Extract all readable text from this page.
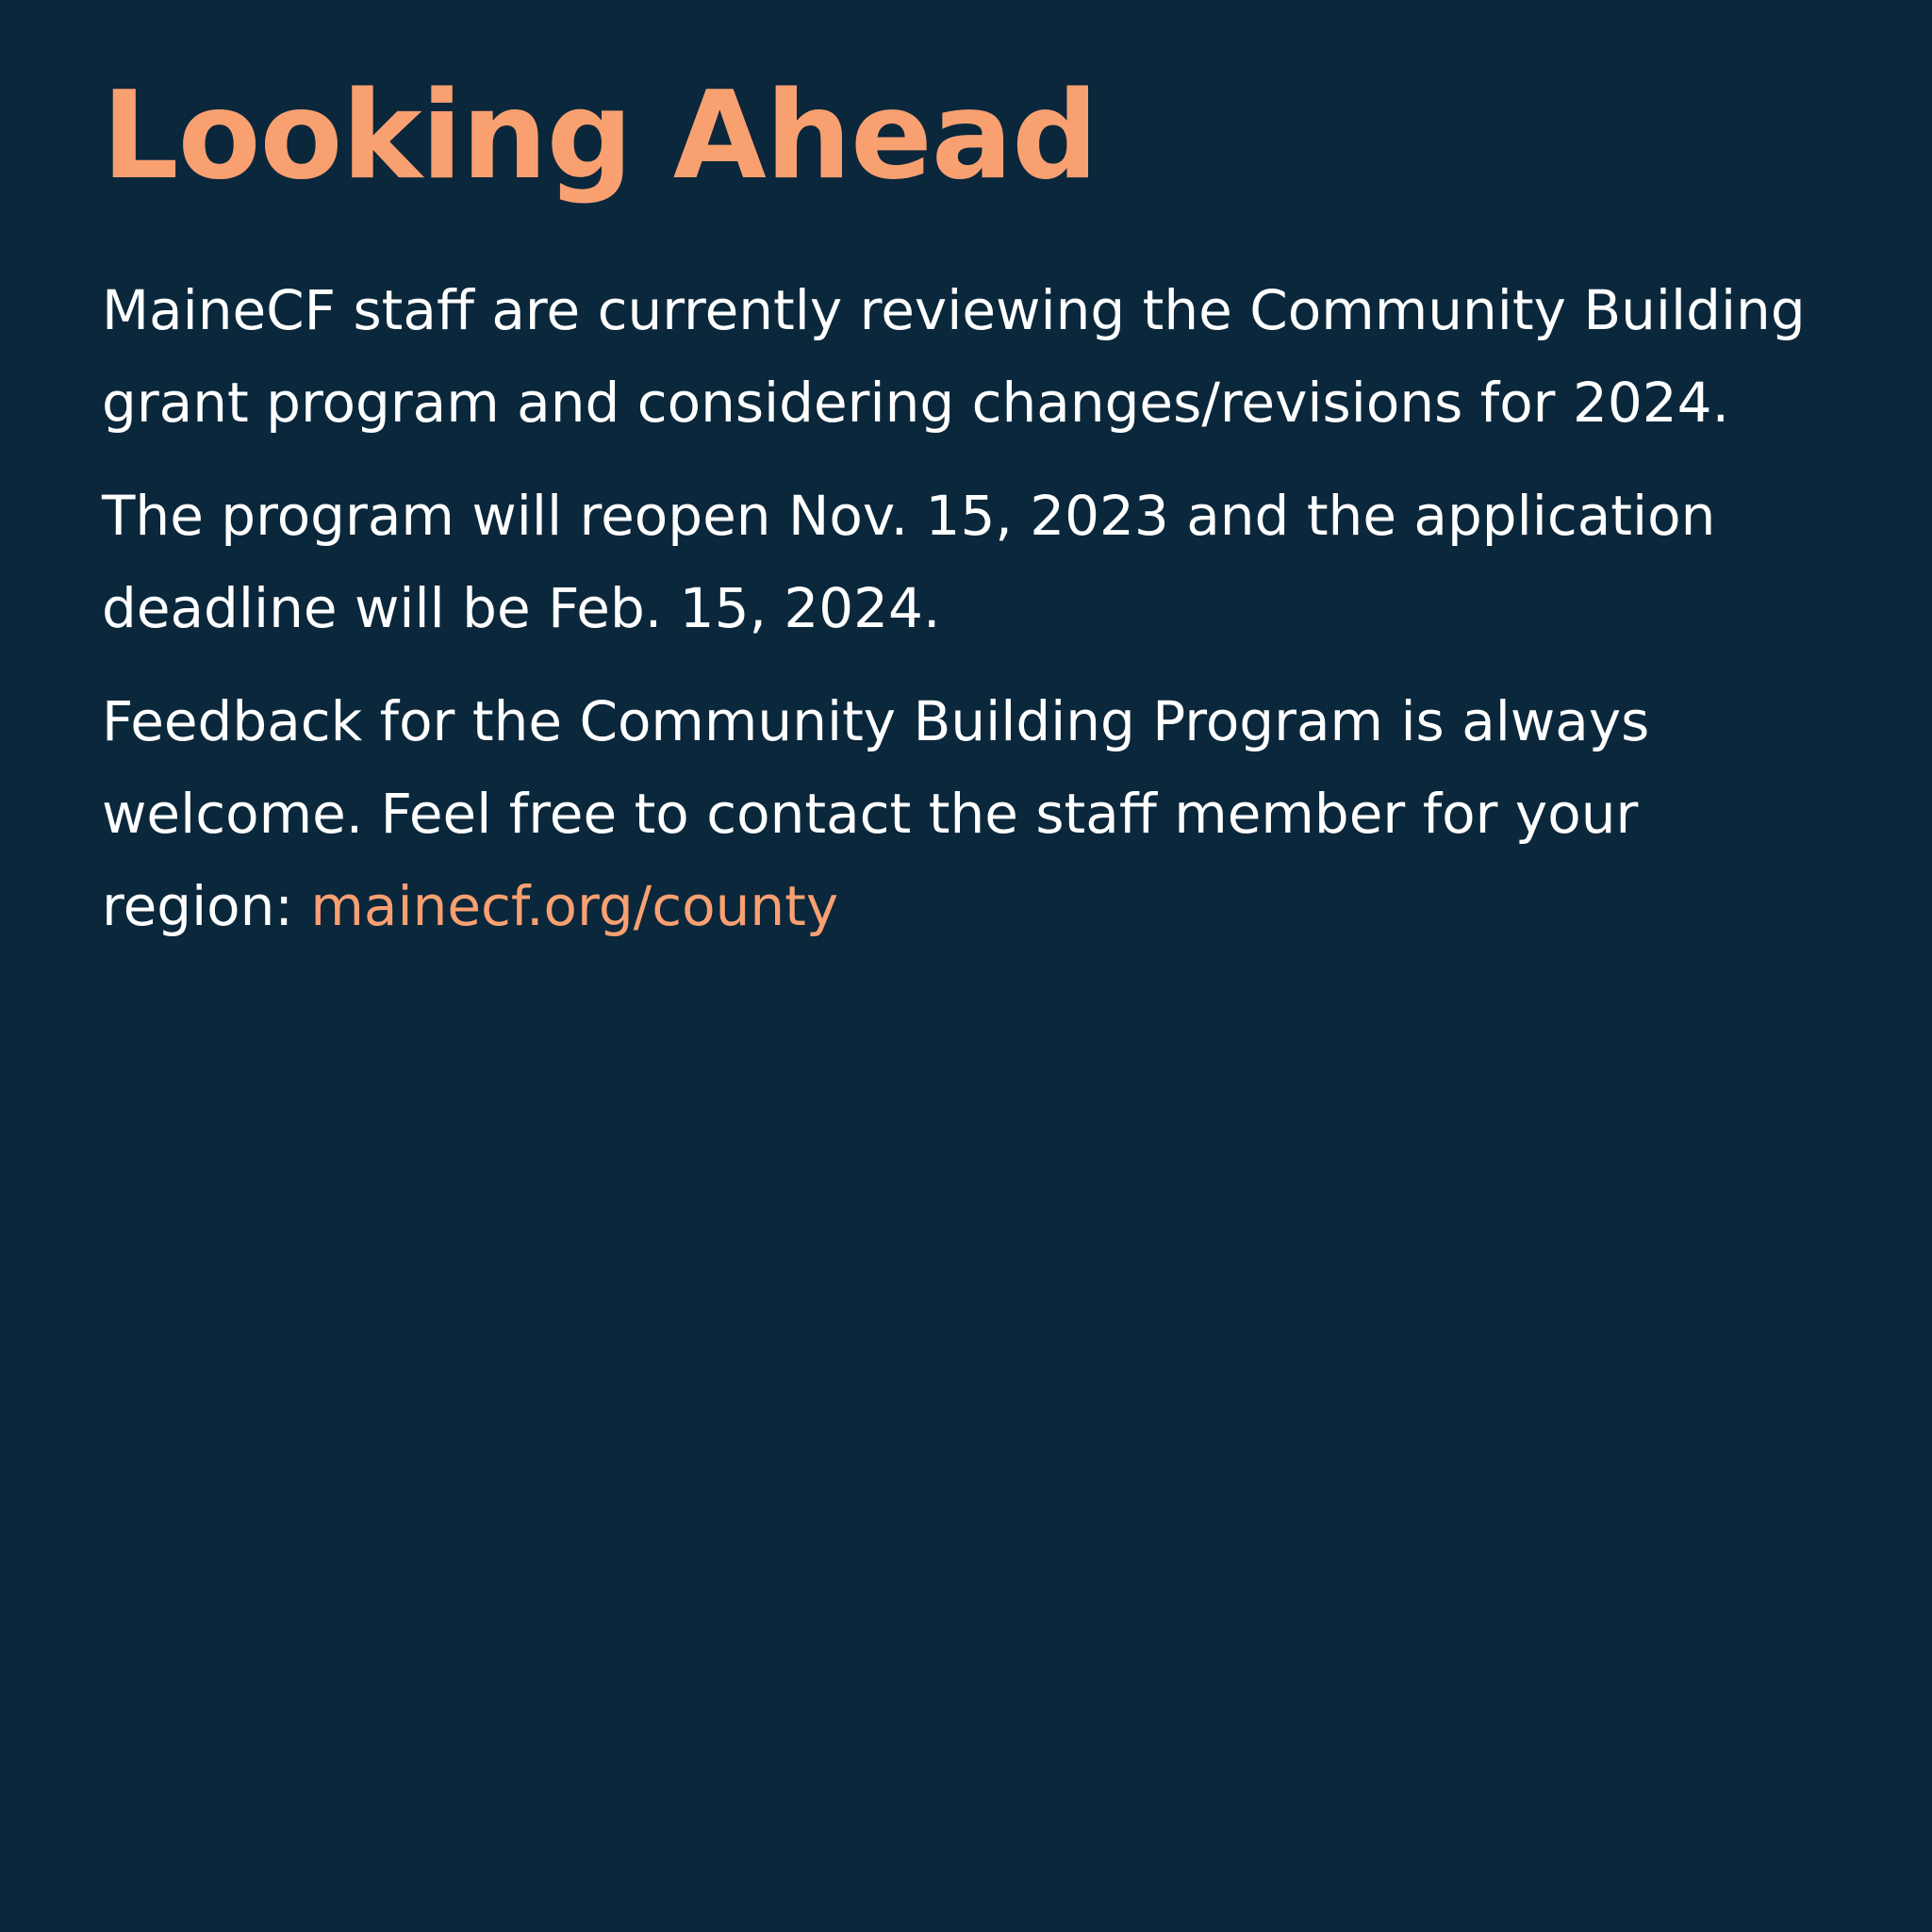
Looking Ahead

MaineCF staff are currently reviewing the Community Building grant program and considering changes/revisions for 2024.

The program will reopen Nov. 15, 2023 and the application deadline will be Feb. 15, 2024.

Feedback for the Community Building Program is always welcome. Feel free to contact the staff member for your region: mainecf.org/county
